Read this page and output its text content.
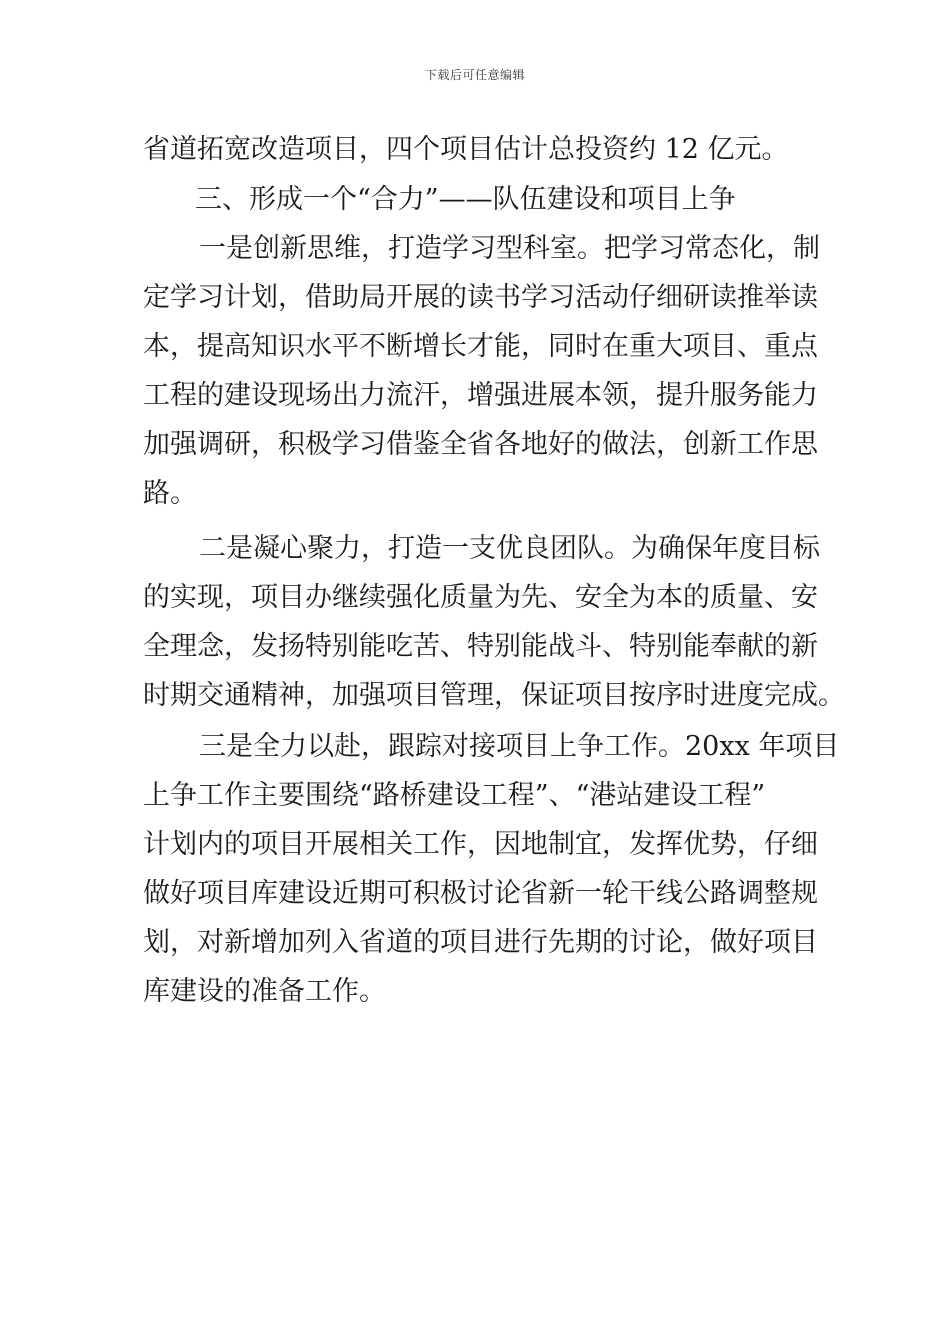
下载后可任意编辑
省道拓宽改造项目，四个项目估计总投资约 12 亿元。
三、形成一个“合力”——队伍建设和项目上争
一是创新思维，打造学习型科室。把学习常态化，制
定学习计划，借助局开展的读书学习活动仔细研读推举读
本，提高知识水平不断增长才能，同时在重大项目、重点
工程的建设现场出力流汗，增强进展本领，提升服务能力
加强调研，积极学习借鉴全省各地好的做法，创新工作思
路。
二是凝心聚力，打造一支优良团队。为确保年度目标
的实现，项目办继续强化质量为先、安全为本的质量、安
全理念，发扬特别能吃苦、特别能战斗、特别能奉献的新
时期交通精神，加强项目管理，保证项目按序时进度完成。
三是全力以赴，跟踪对接项目上争工作。20xx 年项目
上争工作主要围绕“路桥建设工程”、“港站建设工程”
计划内的项目开展相关工作，因地制宜，发挥优势，仔细
做好项目库建设近期可积极讨论省新一轮干线公路调整规
划，对新增加列入省道的项目进行先期的讨论，做好项目
库建设的准备工作。
